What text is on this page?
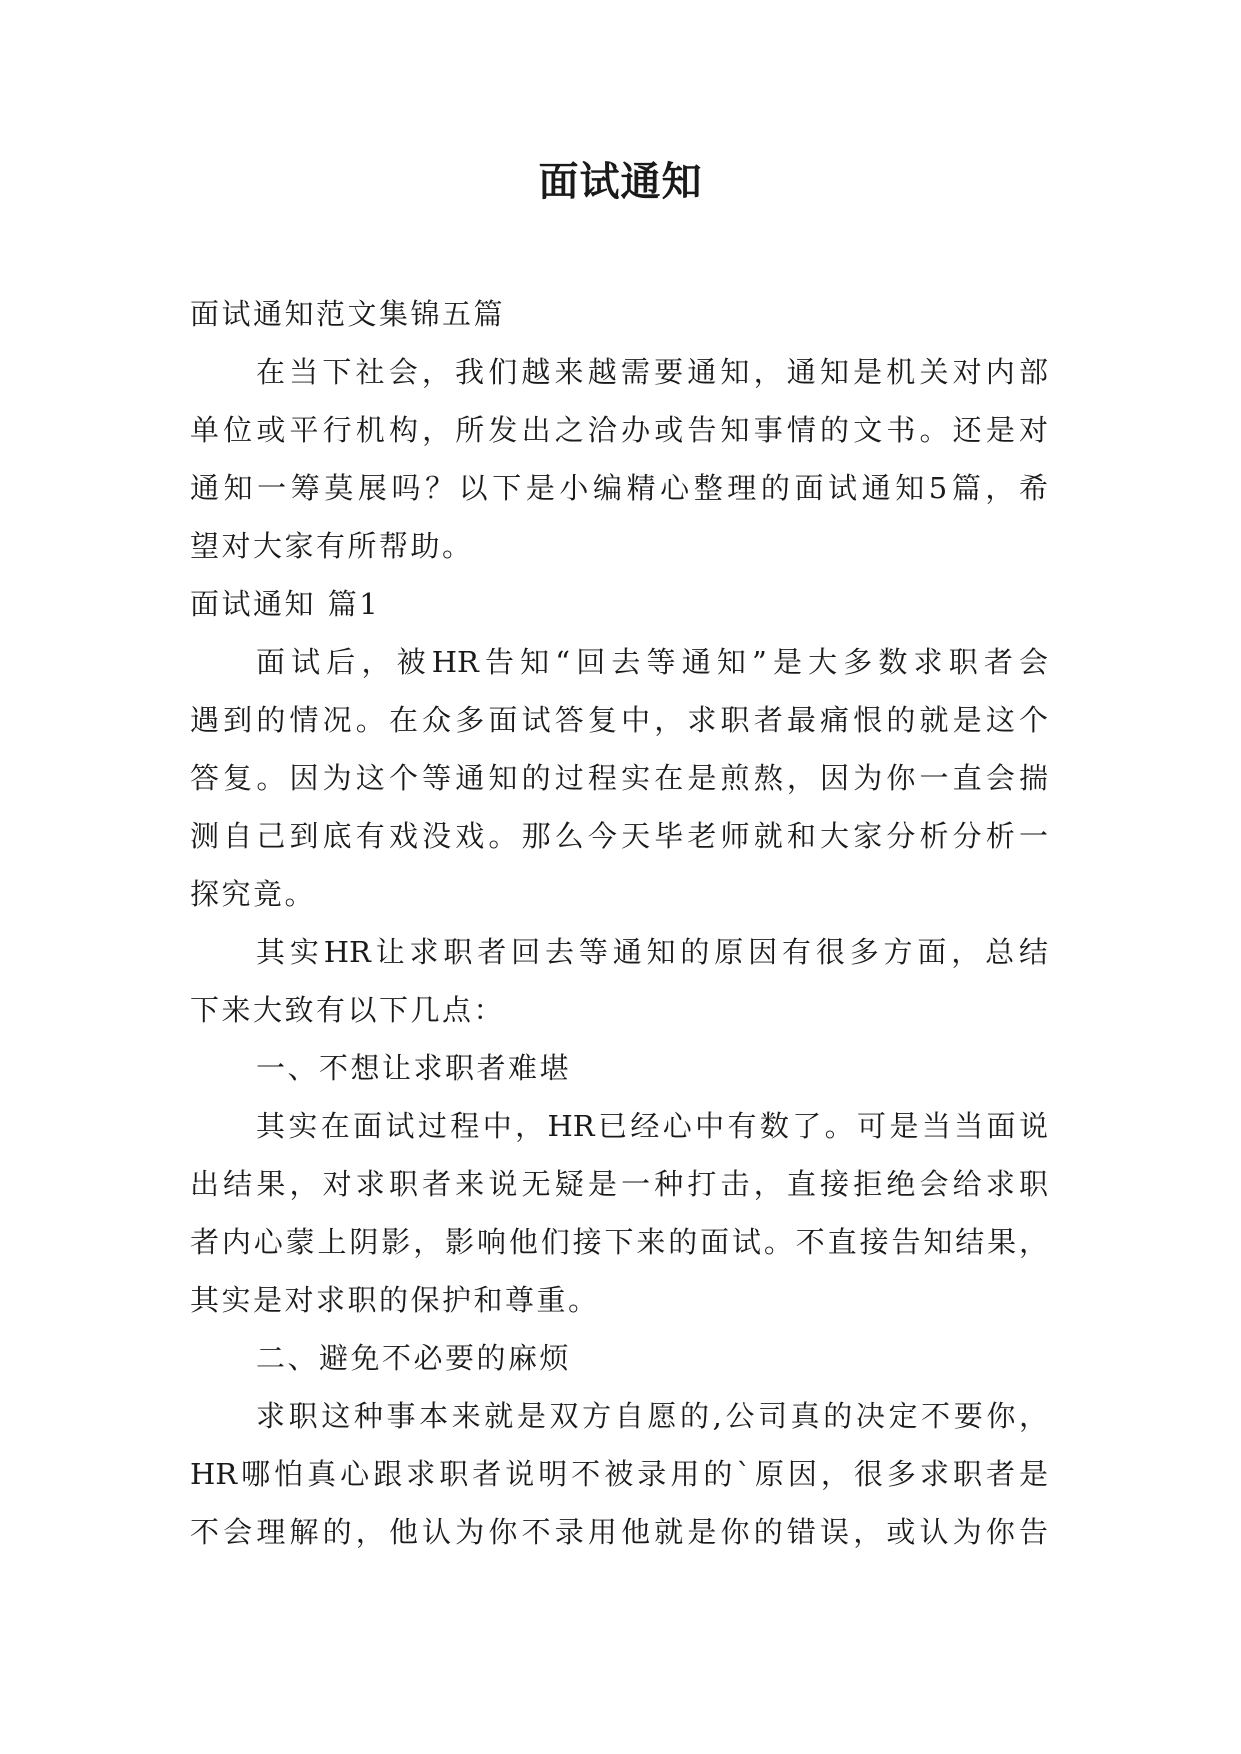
面试通知
面试通知范文集锦五篇
在当下社会，我们越来越需要通知，通知是机关对内部
单位或平行机构，所发出之洽办或告知事情的文书。还是对
通知一筹莫展吗？以下是小编精心整理的面试通知5篇，希
望对大家有所帮助。
面试通知 篇1
面试后，被HR告知“回去等通知”是大多数求职者会
遇到的情况。在众多面试答复中，求职者最痛恨的就是这个
答复。因为这个等通知的过程实在是煎熬，因为你一直会揣
测自己到底有戏没戏。那么今天毕老师就和大家分析分析一
探究竟。
其实HR让求职者回去等通知的原因有很多方面，总结
下来大致有以下几点：
一、不想让求职者难堪
其实在面试过程中，HR已经心中有数了。可是当当面说
出结果，对求职者来说无疑是一种打击，直接拒绝会给求职
者内心蒙上阴影，影响他们接下来的面试。不直接告知结果，
其实是对求职的保护和尊重。
二、避免不必要的麻烦
求职这种事本来就是双方自愿的,公司真的决定不要你，
HR哪怕真心跟求职者说明不被录用的`原因，很多求职者是
不会理解的，他认为你不录用他就是你的错误，或认为你告
